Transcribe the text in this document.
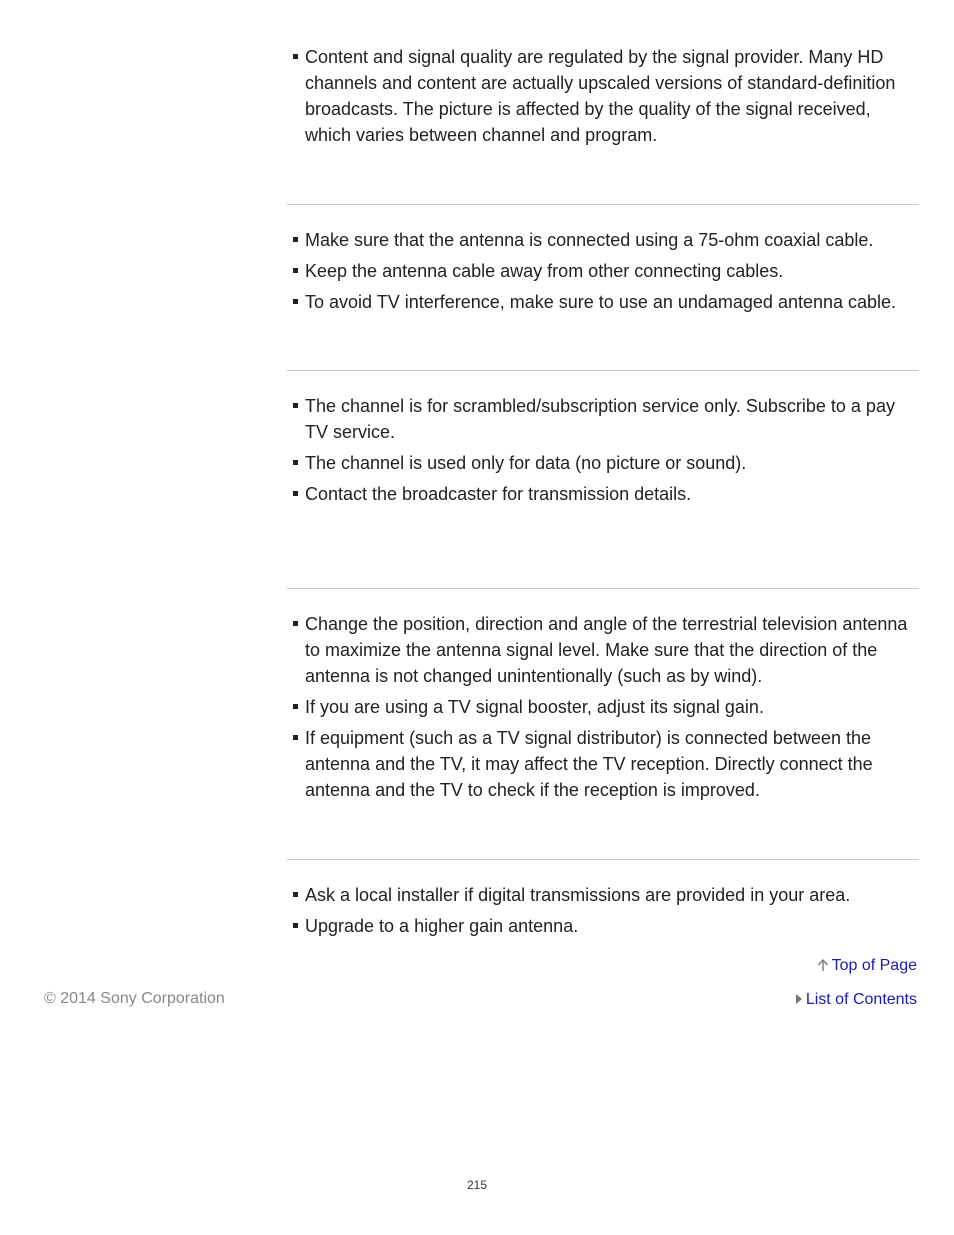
Content and signal quality are regulated by the signal provider. Many HD channels and content are actually upscaled versions of standard-definition broadcasts. The picture is affected by the quality of the signal received, which varies between channel and program.
Make sure that the antenna is connected using a 75-ohm coaxial cable.
Keep the antenna cable away from other connecting cables.
To avoid TV interference, make sure to use an undamaged antenna cable.
The channel is for scrambled/subscription service only. Subscribe to a pay TV service.
The channel is used only for data (no picture or sound).
Contact the broadcaster for transmission details.
Change the position, direction and angle of the terrestrial television antenna to maximize the antenna signal level. Make sure that the direction of the antenna is not changed unintentionally (such as by wind).
If you are using a TV signal booster, adjust its signal gain.
If equipment (such as a TV signal distributor) is connected between the antenna and the TV, it may affect the TV reception. Directly connect the antenna and the TV to check if the reception is improved.
Ask a local installer if digital transmissions are provided in your area.
Upgrade to a higher gain antenna.
Top of Page
List of Contents
© 2014 Sony Corporation
215
